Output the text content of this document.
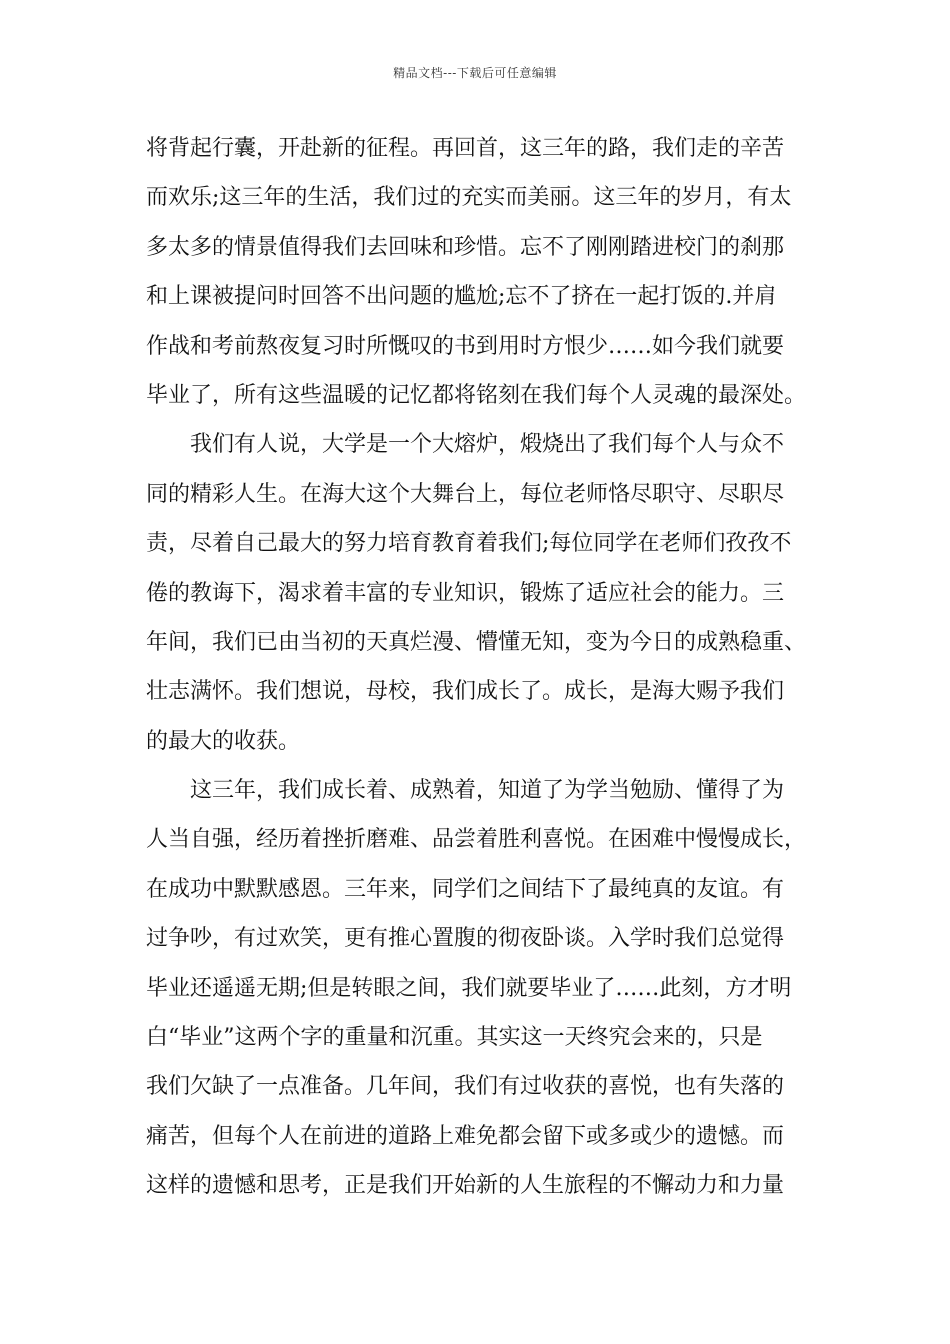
精品文档---下载后可任意编辑
将背起行囊，开赴新的征程。再回首，这三年的路，我们走的辛苦
而欢乐;这三年的生活，我们过的充实而美丽。这三年的岁月，有太
多太多的情景值得我们去回味和珍惜。忘不了刚刚踏进校门的刹那
和上课被提问时回答不出问题的尴尬;忘不了挤在一起打饭的.并肩
作战和考前熬夜复习时所慨叹的书到用时方恨少……如今我们就要
毕业了，所有这些温暖的记忆都将铭刻在我们每个人灵魂的最深处。
我们有人说，大学是一个大熔炉，煅烧出了我们每个人与众不
同的精彩人生。在海大这个大舞台上，每位老师恪尽职守、尽职尽
责，尽着自己最大的努力培育教育着我们;每位同学在老师们孜孜不
倦的教诲下，渴求着丰富的专业知识，锻炼了适应社会的能力。三
年间，我们已由当初的天真烂漫、懵懂无知，变为今日的成熟稳重、
壮志满怀。我们想说，母校，我们成长了。成长，是海大赐予我们
的最大的收获。
这三年，我们成长着、成熟着，知道了为学当勉励、懂得了为
人当自强，经历着挫折磨难、品尝着胜利喜悦。在困难中慢慢成长，
在成功中默默感恩。三年来，同学们之间结下了最纯真的友谊。有
过争吵，有过欢笑，更有推心置腹的彻夜卧谈。入学时我们总觉得
毕业还遥遥无期;但是转眼之间，我们就要毕业了……此刻，方才明
白“毕业”这两个字的重量和沉重。其实这一天终究会来的，只是
我们欠缺了一点准备。几年间，我们有过收获的喜悦，也有失落的
痛苦，但每个人在前进的道路上难免都会留下或多或少的遗憾。而
这样的遗憾和思考，正是我们开始新的人生旅程的不懈动力和力量
